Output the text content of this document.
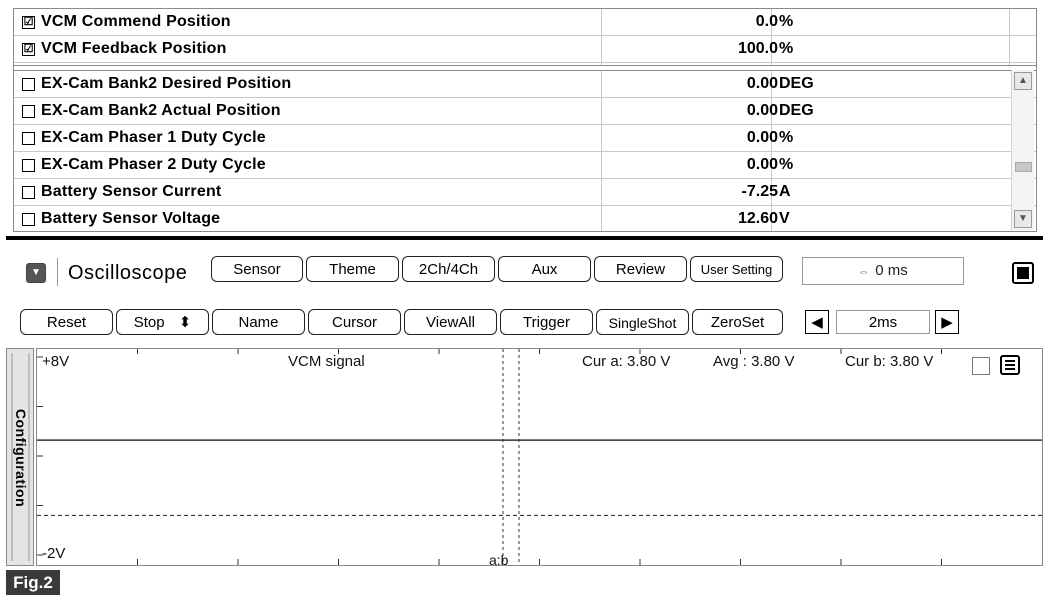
☑ VCM Commend Position	0.0 %
☑ VCM Feedback Position	100.0 %
EX-Cam Bank2 Desired Position	0.00 DEG
EX-Cam Bank2 Actual Position	0.00 DEG
EX-Cam Phaser 1 Duty Cycle	0.00 %
EX-Cam Phaser 2 Duty Cycle	0.00 %
Battery Sensor Current	-7.25 A
Battery Sensor Voltage	12.60 V
▲
▼
▼ Oscilloscope	Sensor	Theme	2Ch/4Ch	Aux	Review	User Setting	⇔ 0 ms
Reset	Stop ⬍	Name	Cursor	ViewAll	Trigger	SingleShot	ZeroSet	◀	2ms	▶
Configuration
+8V
-2V
VCM signal	Cur a: 3.80 V	Avg : 3.80 V	Cur b: 3.80 V
a:b
Fig.2
